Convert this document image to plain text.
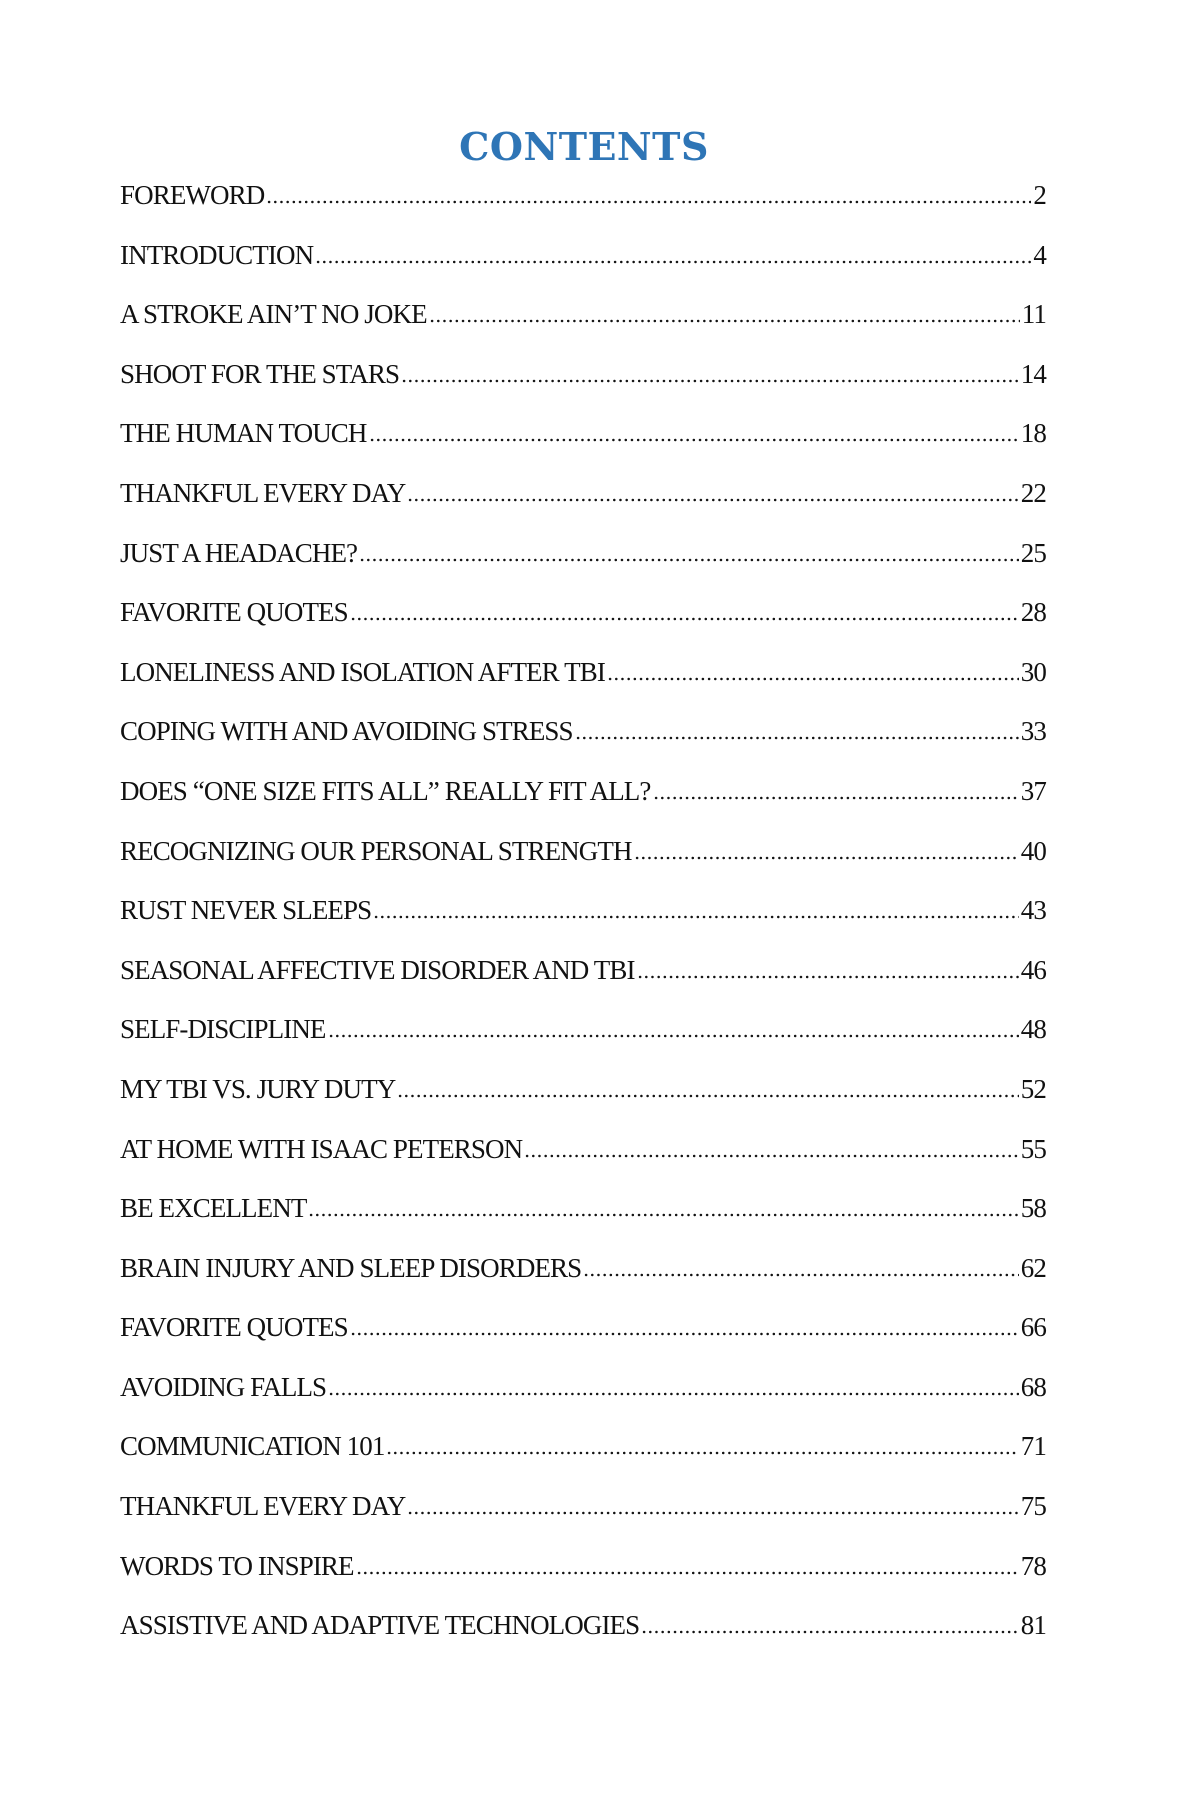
CONTENTS
FOREWORD	2
INTRODUCTION	4
A STROKE AIN’T NO JOKE	11
SHOOT FOR THE STARS	14
THE HUMAN TOUCH	18
THANKFUL EVERY DAY	22
JUST A HEADACHE?	25
FAVORITE QUOTES	28
LONELINESS AND ISOLATION AFTER TBI	30
COPING WITH AND AVOIDING STRESS	33
DOES “ONE SIZE FITS ALL” REALLY FIT ALL?	37
RECOGNIZING OUR PERSONAL STRENGTH	40
RUST NEVER SLEEPS	43
SEASONAL AFFECTIVE DISORDER AND TBI	46
SELF-DISCIPLINE	48
MY TBI VS. JURY DUTY	52
AT HOME WITH ISAAC PETERSON	55
BE EXCELLENT	58
BRAIN INJURY AND SLEEP DISORDERS	62
FAVORITE QUOTES	66
AVOIDING FALLS	68
COMMUNICATION 101	71
THANKFUL EVERY DAY	75
WORDS TO INSPIRE	78
ASSISTIVE AND ADAPTIVE TECHNOLOGIES	81
